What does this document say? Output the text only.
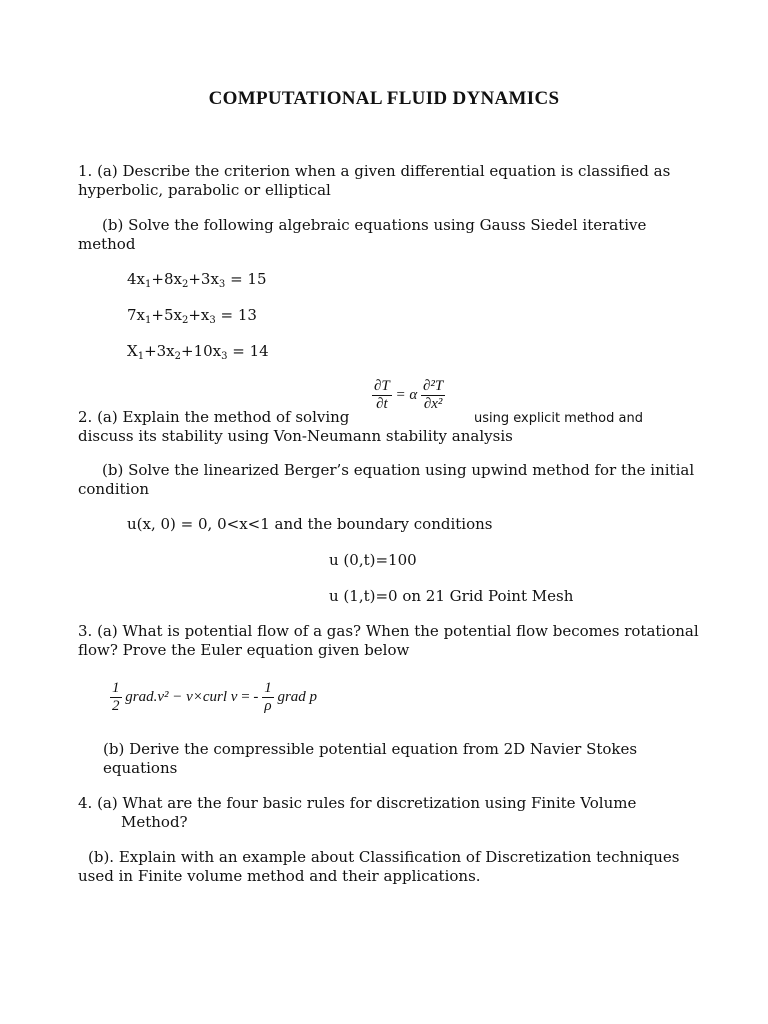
COMPUTATIONAL FLUID DYNAMICS
1. (a) Describe the criterion when a given differential equation is classified as hyperbolic, parabolic or elliptical
(b) Solve the following algebraic equations using Gauss Siedel iterative method
$4x_1+8x_2+3x_3 = 15$
$7x_1+5x_2+x_3 = 13$
$X_1+3x_2+10x_3 = 14$
$\frac{\partial T}{\partial t} = \alpha \frac{\text{∂²T}}{\text{∂x²}}$
2. (a) Explain the method of solving	using explicit method and
discuss its stability using Von-Neumann stability analysis
(b) Solve the linearized Berger’s equation using upwind method for the initial condition
u(x, 0) = 0, 0<x<1 and the boundary conditions
u (0,t)=100
u (1,t)=0 on 21 Grid Point Mesh
3. (a) What is potential flow of a gas? When the potential flow becomes rotational flow? Prove the Euler equation given below
$\frac{1}{2}$ grad.v² − v×curl v = - $\frac{1}{\rho}$ grad p
(b) Derive the compressible potential equation from 2D Navier Stokes equations
4. (a) What are the four basic rules for discretization using Finite Volume
Method?
(b). Explain with an example about Classification of Discretization techniques used in Finite volume method and their applications.
